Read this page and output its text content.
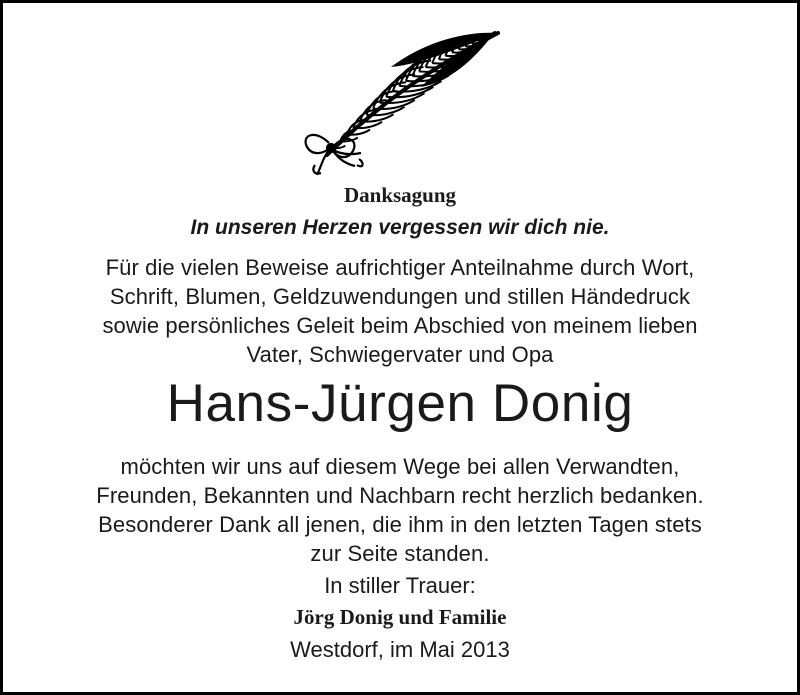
Danksagung
In unseren Herzen vergessen wir dich nie.
Für die vielen Beweise aufrichtiger Anteilnahme durch Wort,
Schrift, Blumen, Geldzuwendungen und stillen Händedruck
sowie persönliches Geleit beim Abschied von meinem lieben
Vater, Schwiegervater und Opa
Hans-Jürgen Donig
möchten wir uns auf diesem Wege bei allen Verwandten,
Freunden, Bekannten und Nachbarn recht herzlich bedanken.
Besonderer Dank all jenen, die ihm in den letzten Tagen stets
zur Seite standen.
In stiller Trauer:
Jörg Donig und Familie
Westdorf, im Mai 2013
